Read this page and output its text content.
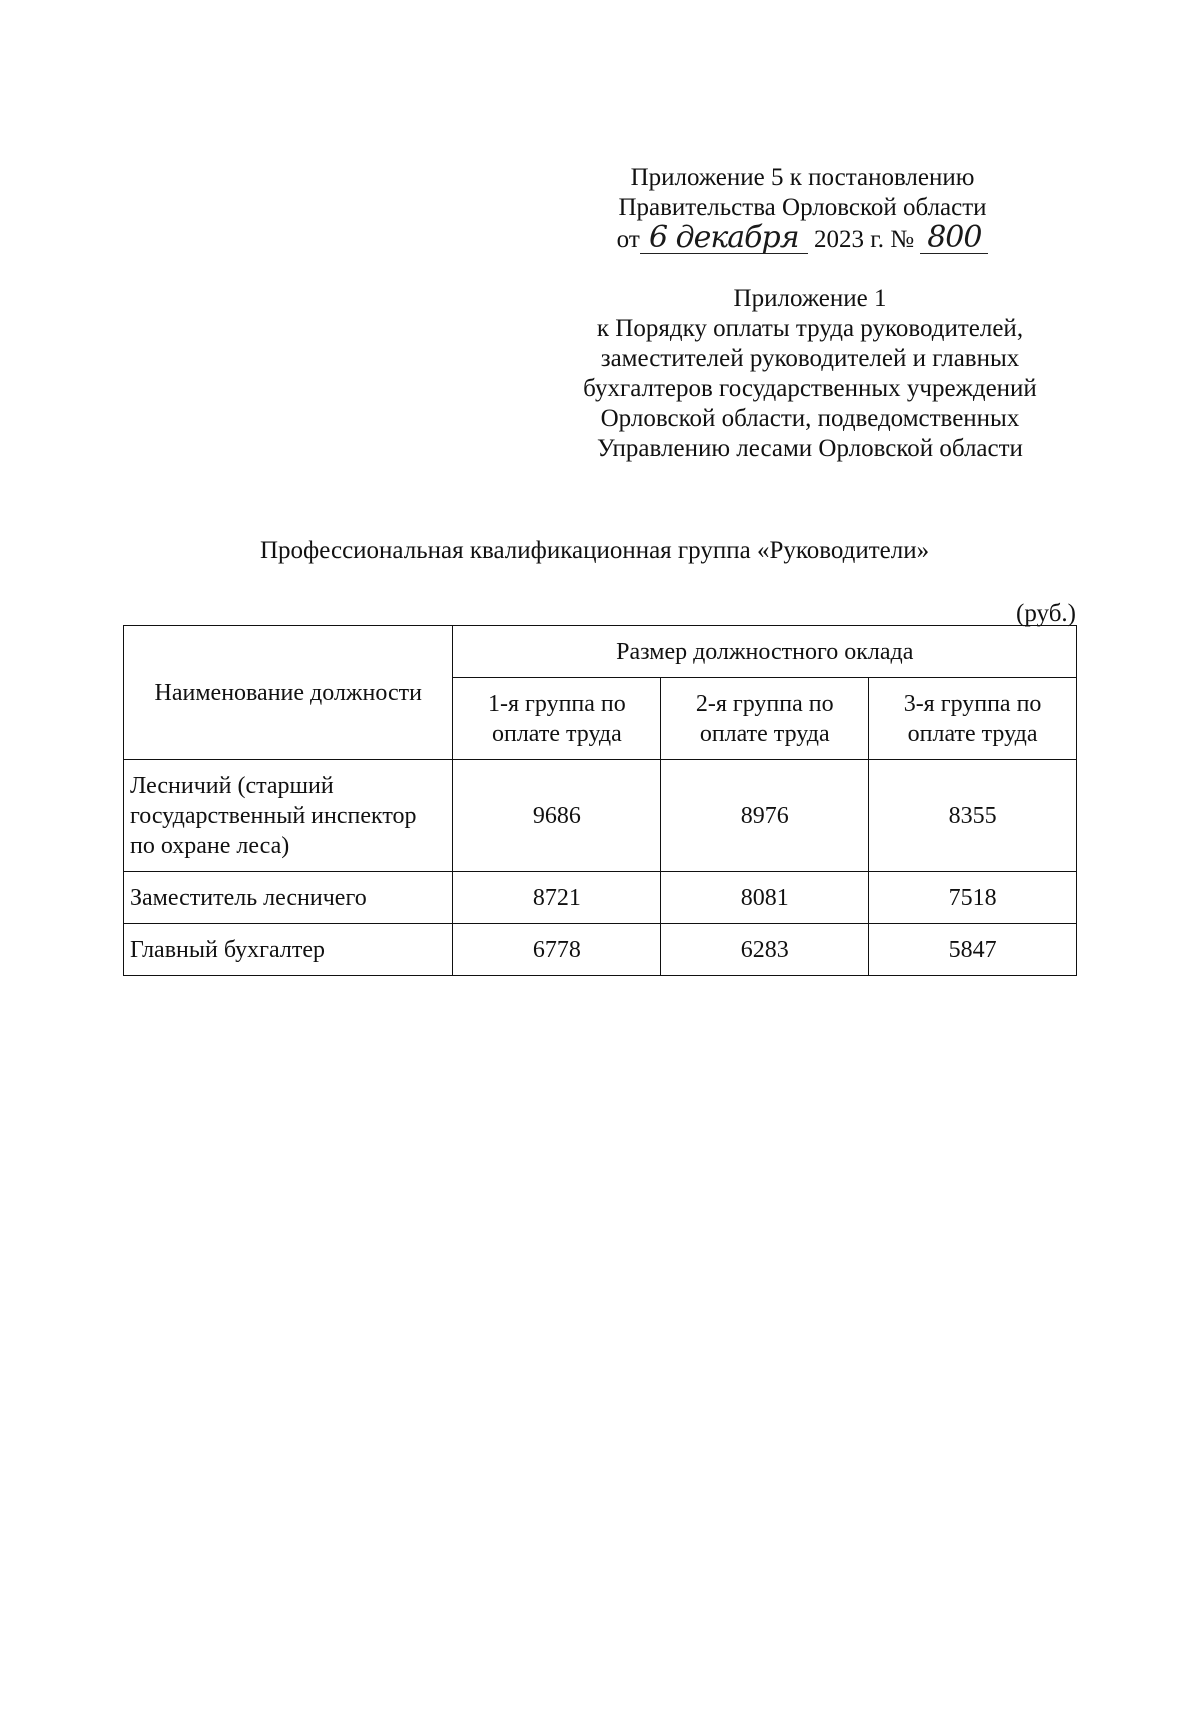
Приложение 5 к постановлению
Правительства Орловской области
от 6 декабря 2023 г. № 800
Приложение 1
к Порядку оплаты труда руководителей,
заместителей руководителей и главных
бухгалтеров государственных учреждений
Орловской области, подведомственных
Управлению лесами Орловской области
Профессиональная квалификационная группа «Руководители»
(руб.)
Наименование должности	Размер должностного оклада		
	1-я группа по оплате труда	2-я группа по оплате труда	3-я группа по оплате труда
Лесничий (старший государственный инспектор по охране леса)	9686	8976	8355
Заместитель лесничего	8721	8081	7518
Главный бухгалтер	6778	6283	5847
